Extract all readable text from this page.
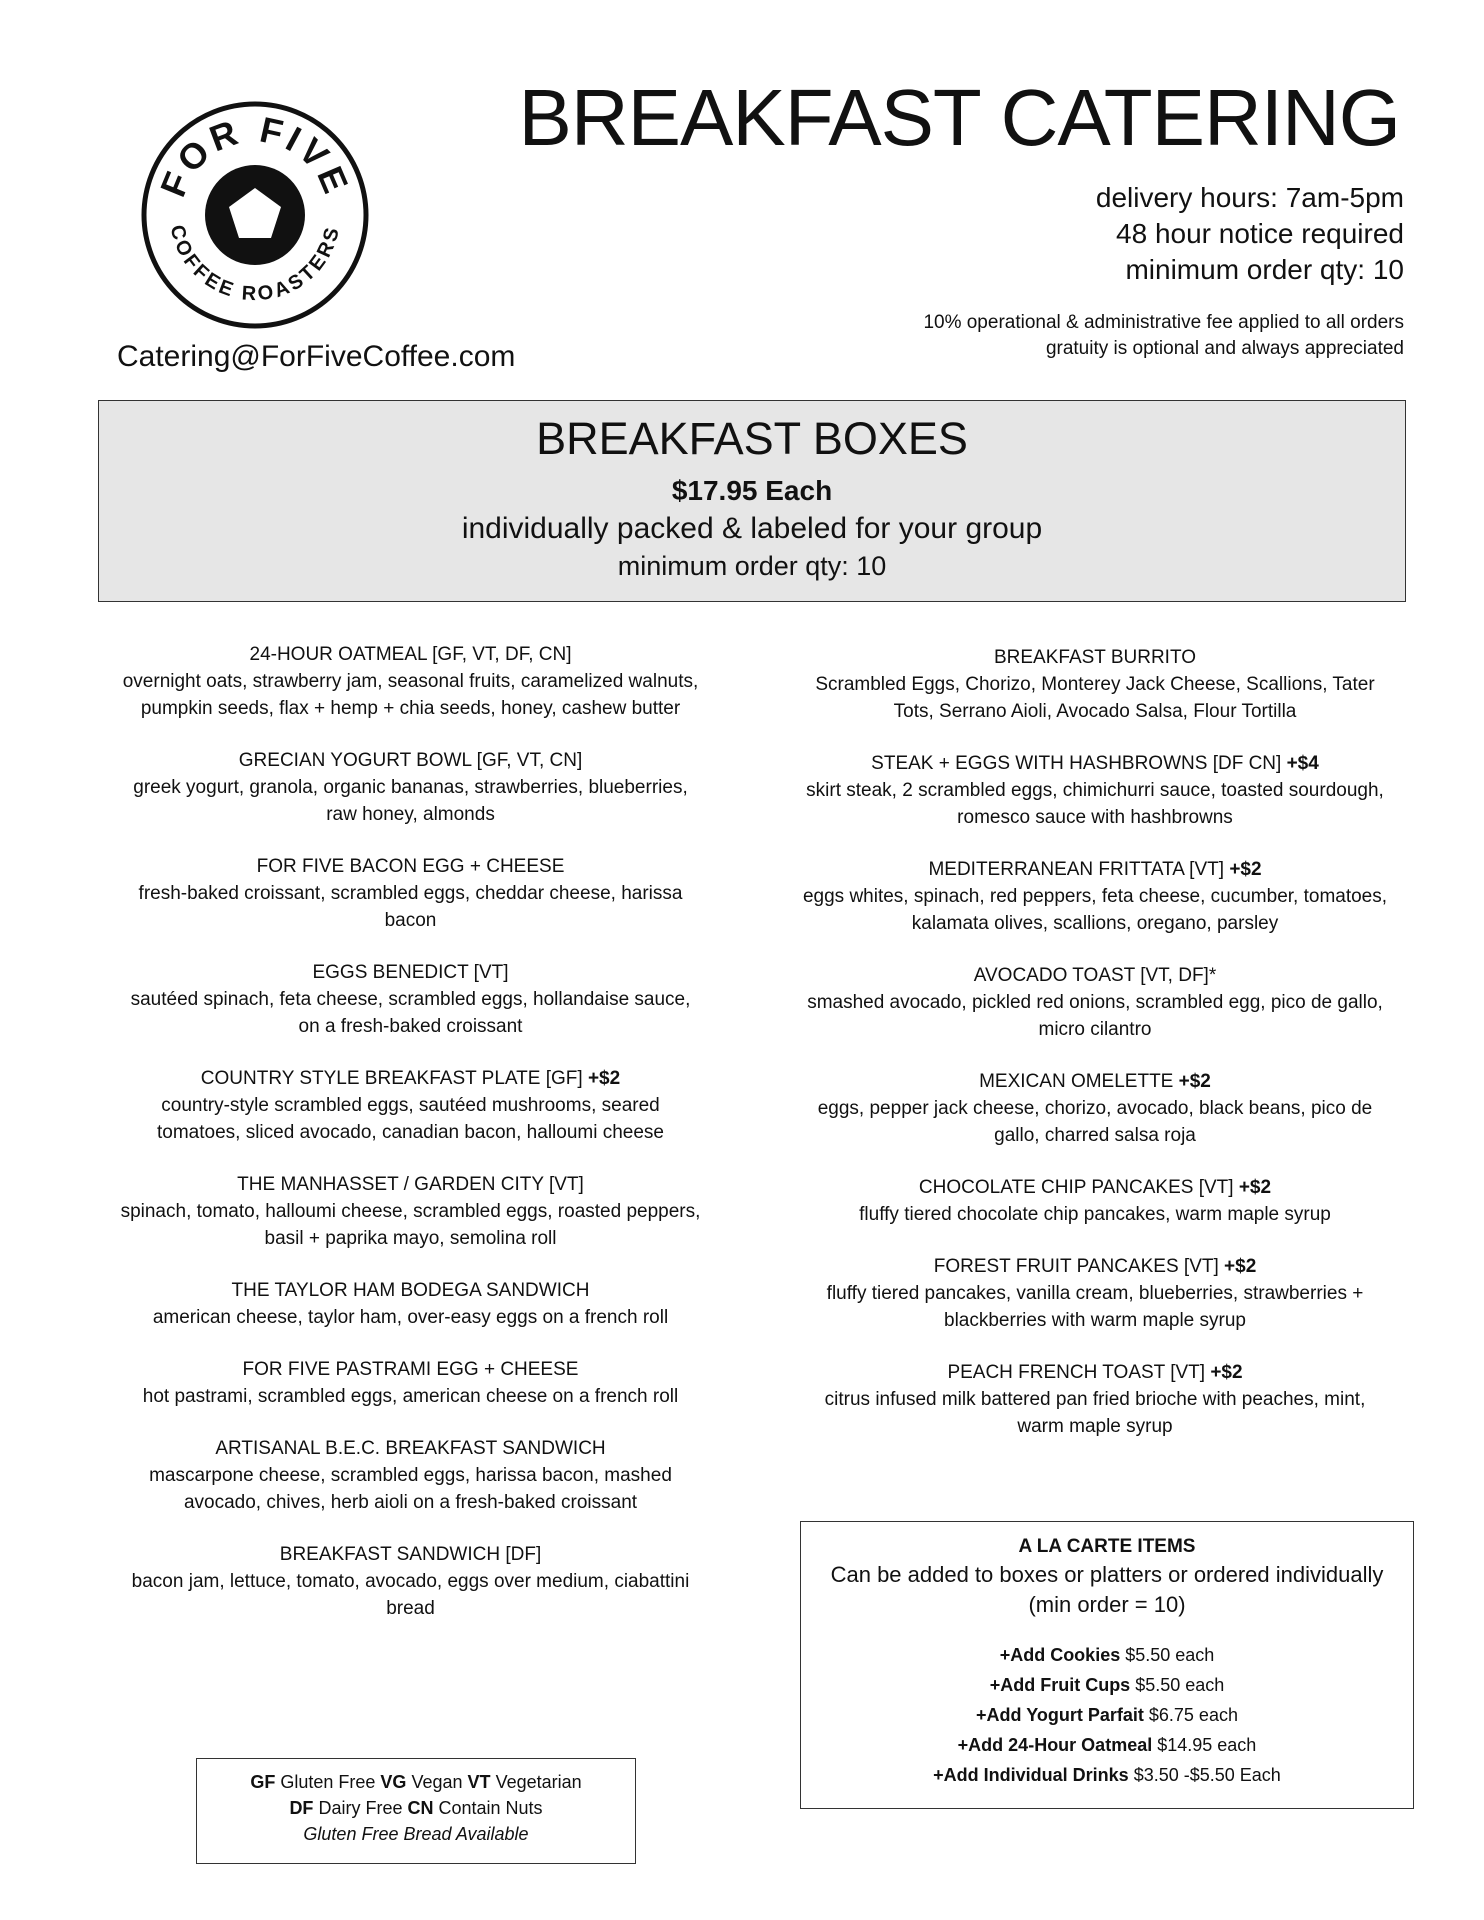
FOR FIVE
COFFEE ROASTERS
BREAKFAST CATERING
delivery hours: 7am-5pm
48 hour notice required
minimum order qty: 10
10% operational & administrative fee applied to all orders
gratuity is optional and always appreciated
Catering@ForFiveCoffee.com
BREAKFAST BOXES
$17.95 Each
individually packed & labeled for your group
minimum order qty: 10
24-HOUR OATMEAL [GF, VT, DF, CN]
overnight oats, strawberry jam, seasonal fruits, caramelized walnuts, pumpkin seeds, flax + hemp + chia seeds, honey, cashew butter
GRECIAN YOGURT BOWL [GF, VT, CN]
greek yogurt, granola, organic bananas, strawberries, blueberries, raw honey, almonds
FOR FIVE BACON EGG + CHEESE
fresh-baked croissant, scrambled eggs, cheddar cheese, harissa bacon
EGGS BENEDICT [VT]
sautéed spinach, feta cheese, scrambled eggs, hollandaise sauce, on a fresh-baked croissant
COUNTRY STYLE BREAKFAST PLATE [GF] +$2
country-style scrambled eggs, sautéed mushrooms, seared tomatoes, sliced avocado, canadian bacon, halloumi cheese
THE MANHASSET / GARDEN CITY [VT]
spinach, tomato, halloumi cheese, scrambled eggs, roasted peppers, basil + paprika mayo, semolina roll
THE TAYLOR HAM BODEGA SANDWICH
american cheese, taylor ham, over-easy eggs on a french roll
FOR FIVE PASTRAMI EGG + CHEESE
hot pastrami, scrambled eggs, american cheese on a french roll
ARTISANAL B.E.C. BREAKFAST SANDWICH
mascarpone cheese, scrambled eggs, harissa bacon, mashed avocado, chives, herb aioli on a fresh-baked croissant
BREAKFAST SANDWICH [DF]
bacon jam, lettuce, tomato, avocado, eggs over medium, ciabattini bread
BREAKFAST BURRITO
Scrambled Eggs, Chorizo, Monterey Jack Cheese, Scallions, Tater Tots, Serrano Aioli, Avocado Salsa, Flour Tortilla
STEAK + EGGS WITH HASHBROWNS [DF CN] +$4
skirt steak, 2 scrambled eggs, chimichurri sauce, toasted sourdough, romesco sauce with hashbrowns
MEDITERRANEAN FRITTATA [VT] +$2
eggs whites, spinach, red peppers, feta cheese, cucumber, tomatoes, kalamata olives, scallions, oregano, parsley
AVOCADO TOAST [VT, DF]*
smashed avocado, pickled red onions, scrambled egg, pico de gallo, micro cilantro
MEXICAN OMELETTE +$2
eggs, pepper jack cheese, chorizo, avocado, black beans, pico de gallo, charred salsa roja
CHOCOLATE CHIP PANCAKES [VT] +$2
fluffy tiered chocolate chip pancakes, warm maple syrup
FOREST FRUIT PANCAKES [VT] +$2
fluffy tiered pancakes, vanilla cream, blueberries, strawberries + blackberries with warm maple syrup
PEACH FRENCH TOAST [VT] +$2
citrus infused milk battered pan fried brioche with peaches, mint, warm maple syrup
A LA CARTE ITEMS
Can be added to boxes or platters or ordered individually
(min order = 10)
+Add Cookies $5.50 each
+Add Fruit Cups $5.50 each
+Add Yogurt Parfait $6.75 each
+Add 24-Hour Oatmeal $14.95 each
+Add Individual Drinks $3.50 -$5.50 Each
GF Gluten Free VG Vegan VT Vegetarian
DF Dairy Free CN Contain Nuts
Gluten Free Bread Available
